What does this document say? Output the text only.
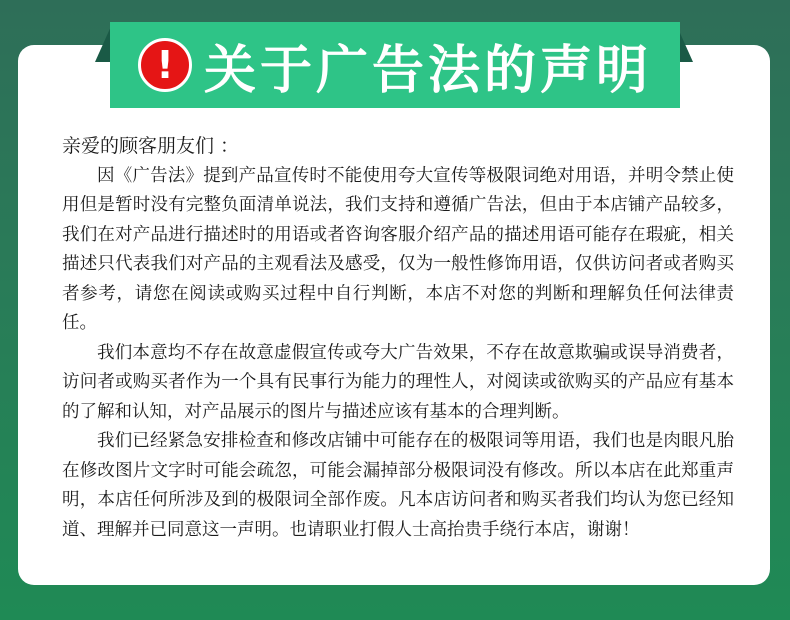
! 关于广告法的声明

亲爱的顾客朋友们 ：

因《广告法》提到产品宣传时不能使用夸大宣传等极限词绝对用语，并明令禁止使用但是暂时没有完整负面清单说法，我们支持和遵循广告法，但由于本店铺产品较多，我们在对产品进行描述时的用语或者咨询客服介绍产品的描述用语可能存在瑕疵，相关描述只代表我们对产品的主观看法及感受，仅为一般性修饰用语，仅供访问者或者购买者参考，请您在阅读或购买过程中自行判断，本店不对您的判断和理解负任何法律责任。

我们本意均不存在故意虚假宣传或夸大广告效果，不存在故意欺骗或误导消费者，访问者或购买者作为一个具有民事行为能力的理性人，对阅读或欲购买的产品应有基本的了解和认知，对产品展示的图片与描述应该有基本的合理判断。

我们已经紧急安排检查和修改店铺中可能存在的极限词等用语，我们也是肉眼凡胎在修改图片文字时可能会疏忽，可能会漏掉部分极限词没有修改。所以本店在此郑重声明，本店任何所涉及到的极限词全部作废。凡本店访问者和购买者我们均认为您已经知道、理解并已同意这一声明。也请职业打假人士高抬贵手绕行本店，谢谢！
